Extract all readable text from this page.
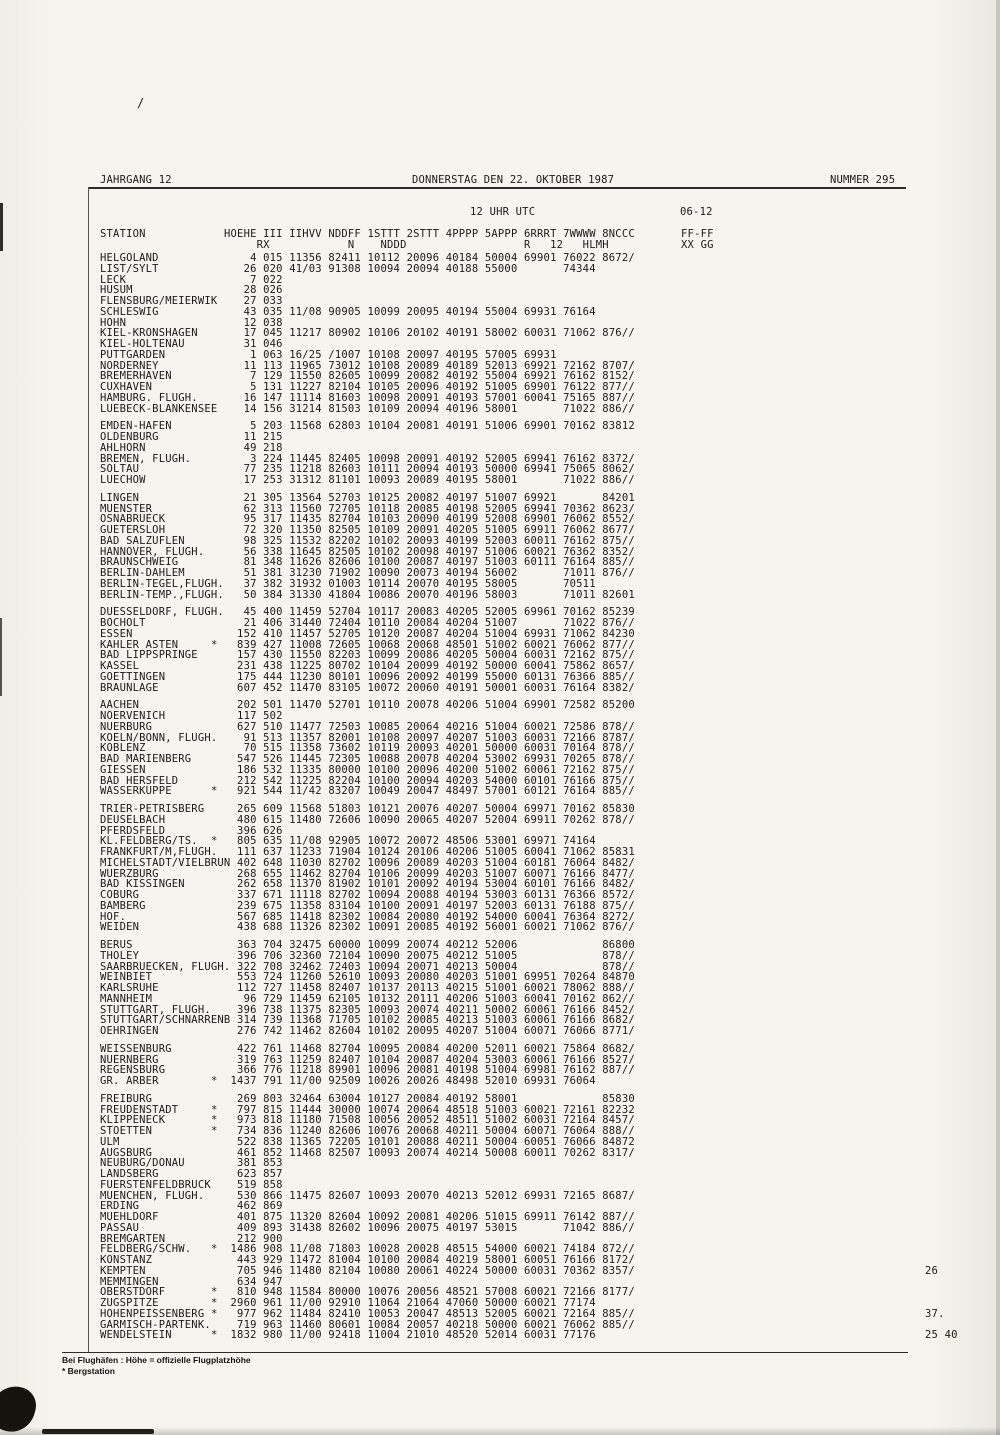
/
JAHRGANG 12	DONNERSTAG DEN 22. OKTOBER 1987	NUMMER 295
12 UHR UTC	06-12
STATION	HOEHE III IIHVV NDDFF 1STTT 2STTT 4PPPP 5APPP 6RRRT 7WWWW 8NCCC	FF-FF
RX            N    NDDD                  R   12   HLMH	XX GG
HELGOLAND	4 015 11356 82411 10112 20096 40184 50004 69901 76022 8672/
LIST/SYLT	26 020 41/03 91308 10094 20094 40188 55000       74344
LECK	7 022
HUSUM	28 026
FLENSBURG/MEIERWIK   27 033
SCHLESWIG	43 035 11/08 90905 10099 20095 40194 55004 69931 76164
HOHN	12 038
KIEL-KRONSHAGEN   17 045 11217 80902 10106 20102 40191 58002 60031 71062 876//
KIEL-HOLTENAU	31 046
PUTTGARDEN	1 063 16/25 /1007 10108 20097 40195 57005 69931
NORDERNEY	11 113 11965 73012 10108 20089 40189 52013 69921 72162 8707/
BREMERHAVEN	7 129 11550 82605 10099 20082 40192 55004 69921 76162 8152/
CUXHAVEN	5 131 11227 82104 10105 20096 40192 51005 69901 76122 877//
HAMBURG. FLUGH.   16 147 11114 81603 10098 20091 40193 57001 60041 75165 887//
LUEBECK-BLANKENSEE   14 156 31214 81503 10109 20094 40196 58001       71022 886//
EMDEN-HAFEN	5 203 11568 62803 10104 20081 40191 51006 69901 70162 83812
OLDENBURG	11 215
AHLHORN	49 218
BREMEN, FLUGH.	3 224 11445 82405 10098 20091 40192 52005 69941 76162 8372/
SOLTAU	77 235 11218 82603 10111 20094 40193 50000 69941 75065 8062/
LUECHOW	17 253 31312 81101 10093 20089 40195 58001       71022 886//
LINGEN	21 305 13564 52703 10125 20082 40197 51007 69921       84201
MUENSTER	62 313 11560 72705 10118 20085 40198 52005 69941 70362 8623/
OSNABRUECK	95 317 11435 82704 10103 20090 40199 52008 69901 76062 8552/
GUETERSLOH	72 320 11350 82505 10109 20091 40205 51005 69911 76062 8677/
BAD SALZUFLEN	98 325 11532 82202 10102 20093 40199 52003 60011 76162 875//
HANNOVER, FLUGH.   56 338 11645 82505 10102 20098 40197 51006 60021 76362 8352/
BRAUNSCHWEIG	81 348 11626 82606 10100 20087 40197 51003 60111 76164 885//
BERLIN-DAHLEM	51 381 31230 71902 10090 20073 40194 56002       71011 876//
BERLIN-TEGEL,FLUGH.   37 382 31932 01003 10114 20070 40195 58005       70511
BERLIN-TEMP.,FLUGH.   50 384 31330 41804 10086 20070 40196 58003       71011 82601
DUESSELDORF, FLUGH.   45 400 11459 52704 10117 20083 40205 52005 69961 70162 85239
BOCHOLT	21 406 31440 72404 10110 20084 40204 51007       71022 876//
ESSEN	152 410 11457 52705 10120 20087 40204 51004 69931 71062 84230
KAHLER ASTEN	*  839 427 11008 72605 10068 20068 48501 51002 60021 76062 877//
BAD LIPPSPRINGE  157 430 11550 82203 10099 20086 40205 50004 60031 72162 875//
KASSEL	231 438 11225 80702 10104 20099 40192 50000 60041 75862 8657/
GOETTINGEN	175 444 11230 80101 10096 20092 40199 55000 60131 76366 885//
BRAUNLAGE	607 452 11470 83105 10072 20060 40191 50001 60031 76164 8382/
AACHEN	202 501 11470 52701 10110 20078 40206 51004 69901 72582 85200
NOERVENICH	117 502
NUERBURG	627 510 11477 72503 10085 20064 40216 51004 60021 72586 878//
KOELN/BONN, FLUGH.   91 513 11357 82001 10108 20097 40207 51003 60031 72166 8787/
KOBLENZ	70 515 11358 73602 10119 20093 40201 50000 60031 70164 878//
BAD MARIENBERG	547 526 11445 72305 10088 20078 40204 53002 69931 70265 878//
GIESSEN	186 532 11335 80000 10100 20096 40200 51002 60061 72162 875//
BAD HERSFELD	212 542 11225 82204 10100 20094 40203 54000 60101 76166 875//
WASSERKUPPE	*  921 544 11/42 83207 10049 20047 48497 57001 60121 76164 885//
TRIER-PETRISBERG  265 609 11568 51803 10121 20076 40207 50004 69971 70162 85830
DEUSELBACH	480 615 11480 72606 10090 20065 40207 52004 69911 70262 878//
PFERDSFELD	396 626
KL.FELDBERG/TS. *  805 635 11/08 92905 10072 20072 48506 53001 69971 74164
FRANKFURT/M,FLUGH.  111 637 11233 71904 10124 20106 40206 51005 60041 71062 85831
MICHELSTADT/VIELBRUN  402 648 11030 82702 10096 20089 40203 51004 60181 76064 8482/
WUERZBURG	268 655 11462 82704 10106 20099 40203 51007 60071 76166 8477/
BAD KISSINGEN	262 658 11370 81902 10101 20092 40194 53004 60101 76166 8482/
COBURG	337 671 11118 82702 10094 20088 40194 53003 60131 76366 8572/
BAMBERG	239 675 11358 83104 10100 20091 40197 52003 60131 76188 875//
HOF.	567 685 11418 82302 10084 20080 40192 54000 60041 76364 8272/
WEIDEN	438 688 11326 82302 10091 20085 40192 56001 60021 71062 876//
BERUS	363 704 32475 60000 10099 20074 40212 52006             86800
THOLEY	396 706 32360 72104 10090 20075 40212 51005             878//
SAARBRUECKEN, FLUGH.  322 708 32462 72403 10094 20071 40213 50004             878//
WEINBIET	553 724 11260 52610 10093 20080 40203 51001 69951 70264 84870
KARLSRUHE	112 727 11458 82407 10137 20113 40215 51001 60021 78062 888//
MANNHEIM	96 729 11459 62105 10132 20111 40206 51003 60041 70162 862//
STUTTGART, FLUGH.  396 738 11375 82305 10093 20074 40211 50002 60061 76166 8452/
STUTTGART/SCHNARRENB  314 739 11368 71705 10102 20085 40213 51003 60061 76166 8682/
OEHRINGEN	276 742 11462 82604 10102 20095 40207 51004 60071 76066 8771/
WEISSENBURG	422 761 11468 82704 10095 20084 40200 52011 60021 75864 8682/
NUERNBERG	319 763 11259 82407 10104 20087 40204 53003 60061 76166 8527/
REGENSBURG	366 776 11218 89901 10096 20081 40198 51004 69981 76162 887//
GR. ARBER	* 1437 791 11/00 92509 10026 20026 48498 52010 69931 76064
FREIBURG	269 803 32464 63004 10127 20084 40192 58001             85830
FREUDENSTADT	*  797 815 11444 30000 10074 20064 48518 51003 60021 72161 82232
KLIPPENECK	*  973 818 11180 71508 10056 20052 48511 51002 60031 72164 8457/
STOETTEN	*  734 836 11240 82606 10076 20068 40211 50004 60071 76064 888//
ULM	522 838 11365 72205 10101 20088 40211 50004 60051 76066 84872
AUGSBURG	461 852 11468 82507 10093 20074 40214 50008 60011 70262 8317/
NEUBURG/DONAU	381 853
LANDSBERG	623 857
FUERSTENFELDBRUCK  519 858
MUENCHEN, FLUGH.  530 866 11475 82607 10093 20070 40213 52012 69931 72165 8687/
ERDING	462 869
MUEHLDORF	401 875 11320 82604 10092 20081 40206 51015 69911 76142 887//
PASSAU	409 893 31438 82602 10096 20075 40197 53015       71042 886//
BREMGARTEN	212 900
FELDBERG/SCHW. * 1486 908 11/08 71803 10028 20028 48515 54000 60021 74184 872//
KONSTANZ	443 929 11472 81004 10100 20084 40219 58001 60051 76166 8172/
KEMPTEN	705 946 11480 82104 10080 20061 40224 50000 60031 70362 8357/	26
MEMMINGEN	634 947
OBERSTDORF	*  810 948 11584 80000 10076 20056 48521 57008 60021 72166 8177/
ZUGSPITZE	* 2960 961 11/00 92910 11064 21064 47060 50000 60021 77174
HOHENPEISSENBERG *  977 962 11484 82410 10053 20047 48513 52005 60021 72164 885//	37.
GARMISCH-PARTENK.  719 963 11460 80601 10084 20057 40218 50000 60021 76062 885//
WENDELSTEIN	* 1832 980 11/00 92418 11004 21010 48520 52014 60031 77176	25 40
Bei Flughäfen : Höhe = offizielle Flugplatzhöhe
* Bergstation
